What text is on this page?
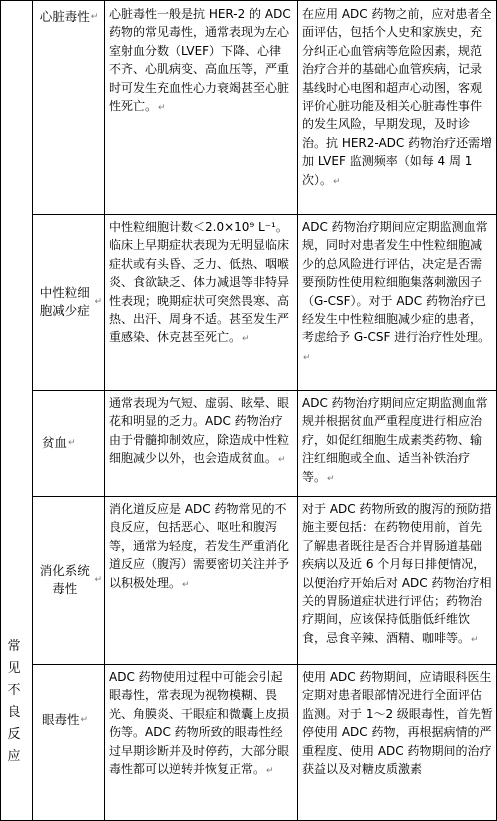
常
见
不
良
反
应
心脏毒性 ↵ 心脏毒性一般是抗 HER-2 的 ADC 药物的常见毒性，通常表现为左心室射血分数（LVEF）下降、心律不齐、心肌病变、高血压等，严重时可发生充血性心力衰竭甚至心脏性死亡。↵
在应用 ADC 药物之前，应对患者全面评估，包括个人史和家族史，充分纠正心血管病等危险因素，规范治疗合并的基础心血管疾病，记录基线时心电图和超声心动图，客观评价心脏功能及相关心脏毒性事件的发生风险，早期发现，及时诊治。抗 HER2-ADC 药物治疗还需增加 LVEF 监测频率（如每 4 周 1 次）。↵
中性粒细胞减少症
↵
中性粒细胞计数＜2.0×10⁹ L⁻¹。临床上早期症状表现为无明显临床症状或有头昏、乏力、低热、咽喉炎、食欲缺乏、体力减退等非特异性表现；晚期症状可突然畏寒、高热、出汗、周身不适。甚至发生严重感染、休克甚至死亡。↵
ADC 药物治疗期间应定期监测血常规，同时对患者发生中性粒细胞减少的总风险进行评估，决定是否需要预防性使用粒细胞集落刺激因子（G-CSF）。对于 ADC 药物治疗已经发生中性粒细胞减少症的患者，考虑给予 G-CSF 进行治疗性处理。↵
贫血 ↵
通常表现为气短、虚弱、眩晕、眼花和明显的乏力。ADC 药物治疗由于骨髓抑制效应，除造成中性粒细胞减少以外，也会造成贫血。↵
ADC 药物治疗期间应定期监测血常规并根据贫血严重程度进行相应治疗，如促红细胞生成素类药物、输注红细胞或全血、适当补铁治疗等。↵
消化系统毒性
↵
消化道反应是 ADC 药物常见的不良反应，包括恶心、呕吐和腹泻等，通常为轻度，若发生严重消化道反应（腹泻）需要密切关注并予以积极处理。↵
对于 ADC 药物所致的腹泻的预防措施主要包括：在药物使用前，首先了解患者既往是否合并胃肠道基础疾病以及近 6 个月每日排便情况，以便治疗开始后对 ADC 药物治疗相关的胃肠道症状进行评估；药物治疗期间，应该保持低脂低纤维饮食，忌食辛辣、酒精、咖啡等。↵
眼毒性 ↵
ADC 药物使用过程中可能会引起眼毒性，常表现为视物模糊、畏光、角膜炎、干眼症和微囊上皮损伤等。ADC 药物所致的眼毒性经过早期诊断并及时停药，大部分眼毒性都可以逆转并恢复正常。↵
使用 ADC 药物期间，应请眼科医生定期对患者眼部情况进行全面评估监测。对于 1～2 级眼毒性，首先暂停使用 ADC 药物，再根据病情的严重程度、使用 ADC 药物期间的治疗获益以及对糖皮质激素
